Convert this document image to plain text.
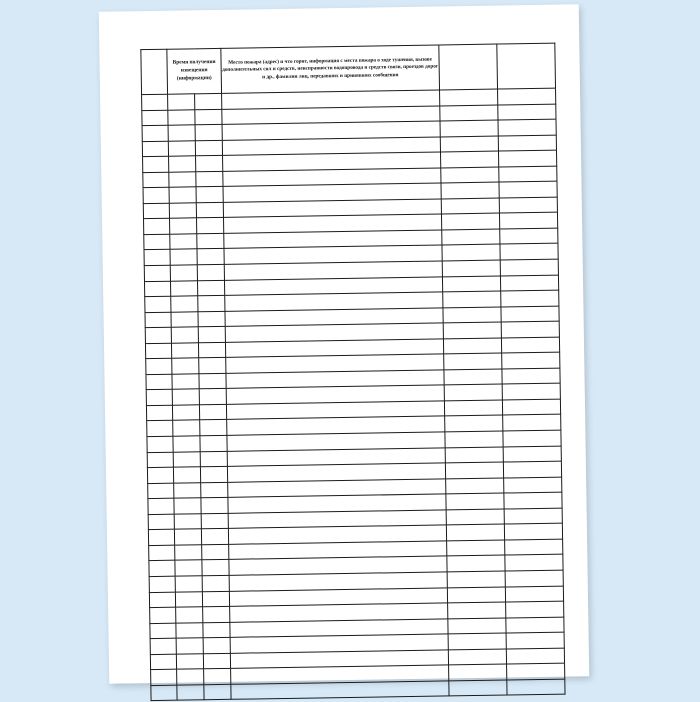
	Время получения извещения (информации)		Место пожара (адрес) и что горит, информация с места пожара о ходе тушения, вызове дополнительных сил и средств, неисправности водопровода и средств связи, проездов дорог и др., фамилии лиц, передавших и принявших сообщения		
